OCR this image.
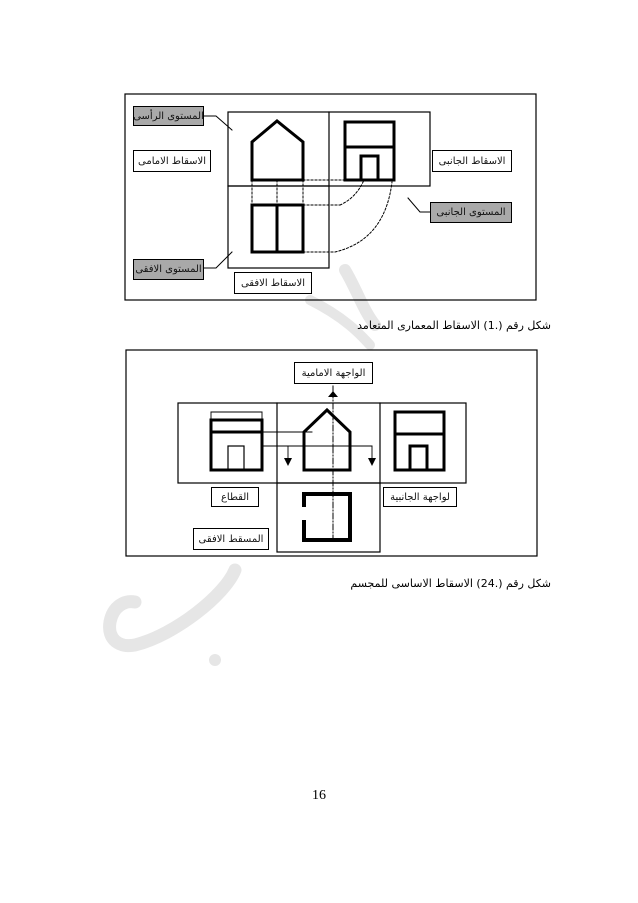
المستوى الرأسى
الاسقاط الامامى
المستوى الافقى
الاسقاط الجانبى
المستوى الجانبى
الاسقاط الافقى
شكل رقم (.1) الاسقاط المعمارى المتعامد
الواجهة الامامية
القطاع	لواجهة الجانبية
المسقط الافقى
شكل رقم (.24) الاسقاط الاساسى للمجسم
16
